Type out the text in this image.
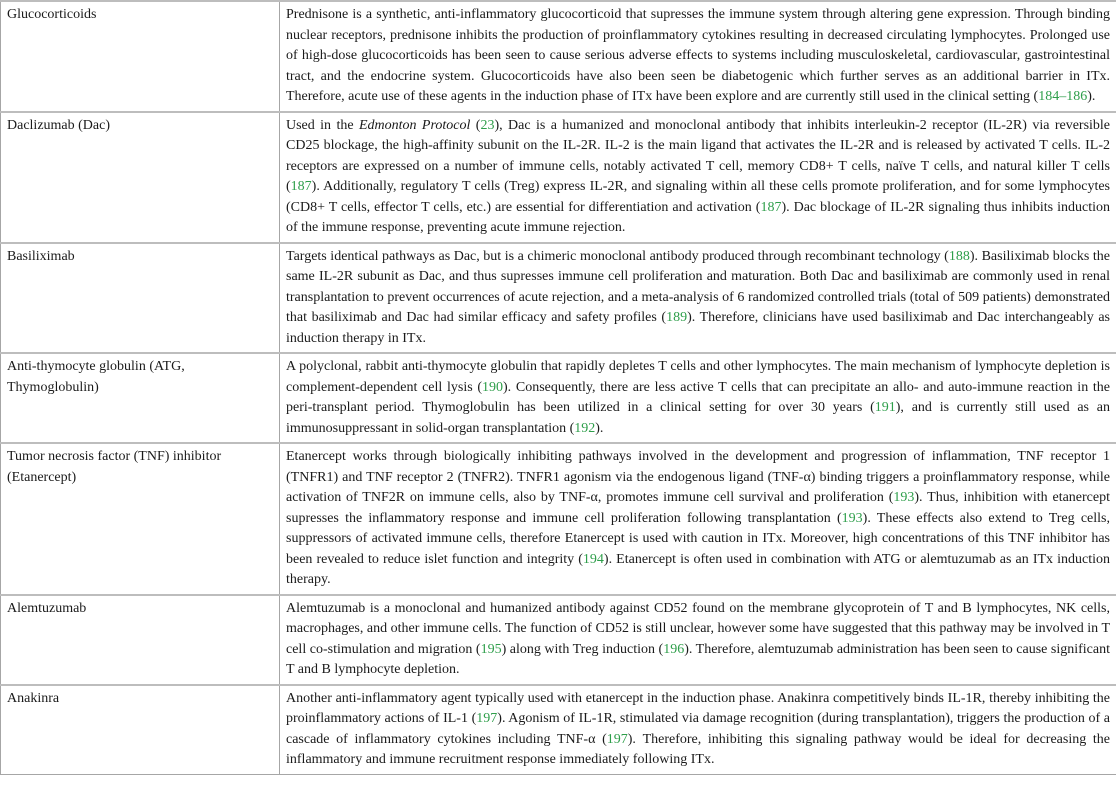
Glucocorticoids	Prednisone is a synthetic, anti-inflammatory glucocorticoid that supresses the immune system through altering gene expression. Through binding nuclear receptors, prednisone inhibits the production of proinflammatory cytokines resulting in decreased circulating lymphocytes. Prolonged use of high-dose glucocorticoids has been seen to cause serious adverse effects to systems including musculoskeletal, cardiovascular, gastrointestinal tract, and the endocrine system. Glucocorticoids have also been seen be diabetogenic which further serves as an additional barrier in ITx. Therefore, acute use of these agents in the induction phase of ITx have been explore and are currently still used in the clinical setting (184–186).
Daclizumab (Dac)	Used in the Edmonton Protocol (23), Dac is a humanized and monoclonal antibody that inhibits interleukin-2 receptor (IL-2R) via reversible CD25 blockage, the high-affinity subunit on the IL-2R. IL-2 is the main ligand that activates the IL-2R and is released by activated T cells. IL-2 receptors are expressed on a number of immune cells, notably activated T cell, memory CD8+ T cells, naïve T cells, and natural killer T cells (187). Additionally, regulatory T cells (Treg) express IL-2R, and signaling within all these cells promote proliferation, and for some lymphocytes (CD8+ T cells, effector T cells, etc.) are essential for differentiation and activation (187). Dac blockage of IL-2R signaling thus inhibits induction of the immune response, preventing acute immune rejection.
Basiliximab	Targets identical pathways as Dac, but is a chimeric monoclonal antibody produced through recombinant technology (188). Basiliximab blocks the same IL-2R subunit as Dac, and thus supresses immune cell proliferation and maturation. Both Dac and basiliximab are commonly used in renal transplantation to prevent occurrences of acute rejection, and a meta-analysis of 6 randomized controlled trials (total of 509 patients) demonstrated that basiliximab and Dac had similar efficacy and safety profiles (189). Therefore, clinicians have used basiliximab and Dac interchangeably as induction therapy in ITx.
Anti-thymocyte globulin (ATG, Thymoglobulin)	A polyclonal, rabbit anti-thymocyte globulin that rapidly depletes T cells and other lymphocytes. The main mechanism of lymphocyte depletion is complement-dependent cell lysis (190). Consequently, there are less active T cells that can precipitate an allo- and auto-immune reaction in the peri-transplant period. Thymoglobulin has been utilized in a clinical setting for over 30 years (191), and is currently still used as an immunosuppressant in solid-organ transplantation (192).
Tumor necrosis factor (TNF) inhibitor (Etanercept)	Etanercept works through biologically inhibiting pathways involved in the development and progression of inflammation, TNF receptor 1 (TNFR1) and TNF receptor 2 (TNFR2). TNFR1 agonism via the endogenous ligand (TNF-α) binding triggers a proinflammatory response, while activation of TNF2R on immune cells, also by TNF-α, promotes immune cell survival and proliferation (193). Thus, inhibition with etanercept supresses the inflammatory response and immune cell proliferation following transplantation (193). These effects also extend to Treg cells, suppressors of activated immune cells, therefore Etanercept is used with caution in ITx. Moreover, high concentrations of this TNF inhibitor has been revealed to reduce islet function and integrity (194). Etanercept is often used in combination with ATG or alemtuzumab as an ITx induction therapy.
Alemtuzumab	Alemtuzumab is a monoclonal and humanized antibody against CD52 found on the membrane glycoprotein of T and B lymphocytes, NK cells, macrophages, and other immune cells. The function of CD52 is still unclear, however some have suggested that this pathway may be involved in T cell co-stimulation and migration (195) along with Treg induction (196). Therefore, alemtuzumab administration has been seen to cause significant T and B lymphocyte depletion.
Anakinra	Another anti-inflammatory agent typically used with etanercept in the induction phase. Anakinra competitively binds IL-1R, thereby inhibiting the proinflammatory actions of IL-1 (197). Agonism of IL-1R, stimulated via damage recognition (during transplantation), triggers the production of a cascade of inflammatory cytokines including TNF-α (197). Therefore, inhibiting this signaling pathway would be ideal for decreasing the inflammatory and immune recruitment response immediately following ITx.
